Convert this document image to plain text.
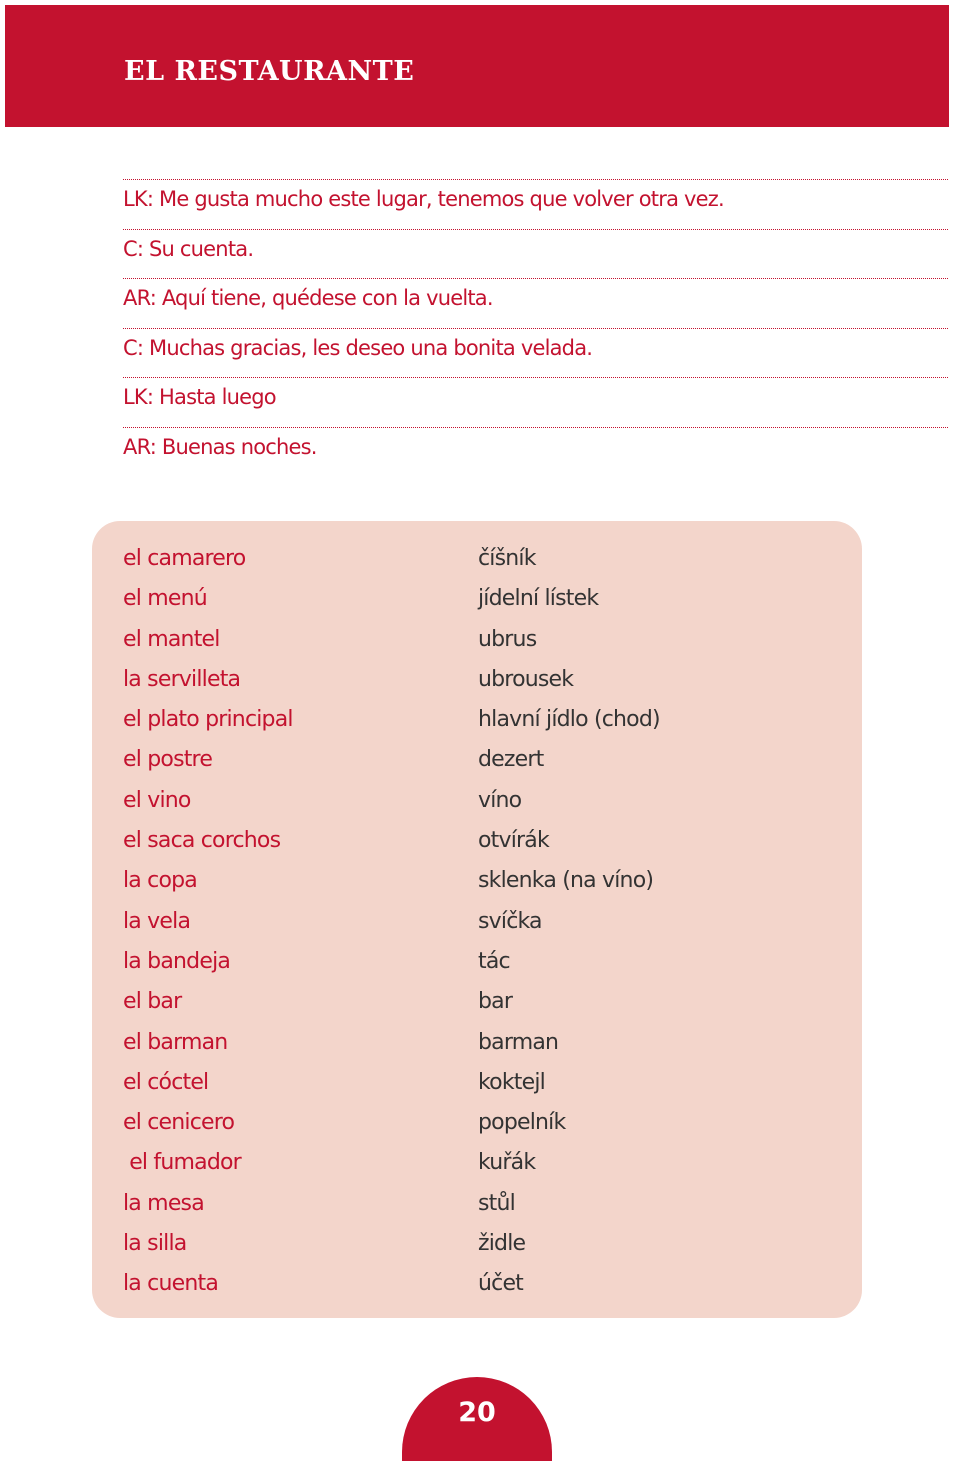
EL RESTAURANTE
LK: Me gusta mucho este lugar, tenemos que volver otra vez.
C: Su cuenta.
AR: Aquí tiene, quédese con la vuelta.
C: Muchas gracias, les deseo una bonita velada.
LK: Hasta luego
AR: Buenas noches.
el camarero	číšník
el menú	jídelní lístek
el mantel	ubrus
la servilleta	ubrousek
el plato principal	hlavní jídlo (chod)
el postre	dezert
el vino	víno
el saca corchos	otvírák
la copa	sklenka (na víno)
la vela	svíčka
la bandeja	tác
el bar	bar
el barman	barman
el cóctel	koktejl
el cenicero	popelník
el fumador	kuřák
la mesa	stůl
la silla	židle
la cuenta	účet
20
